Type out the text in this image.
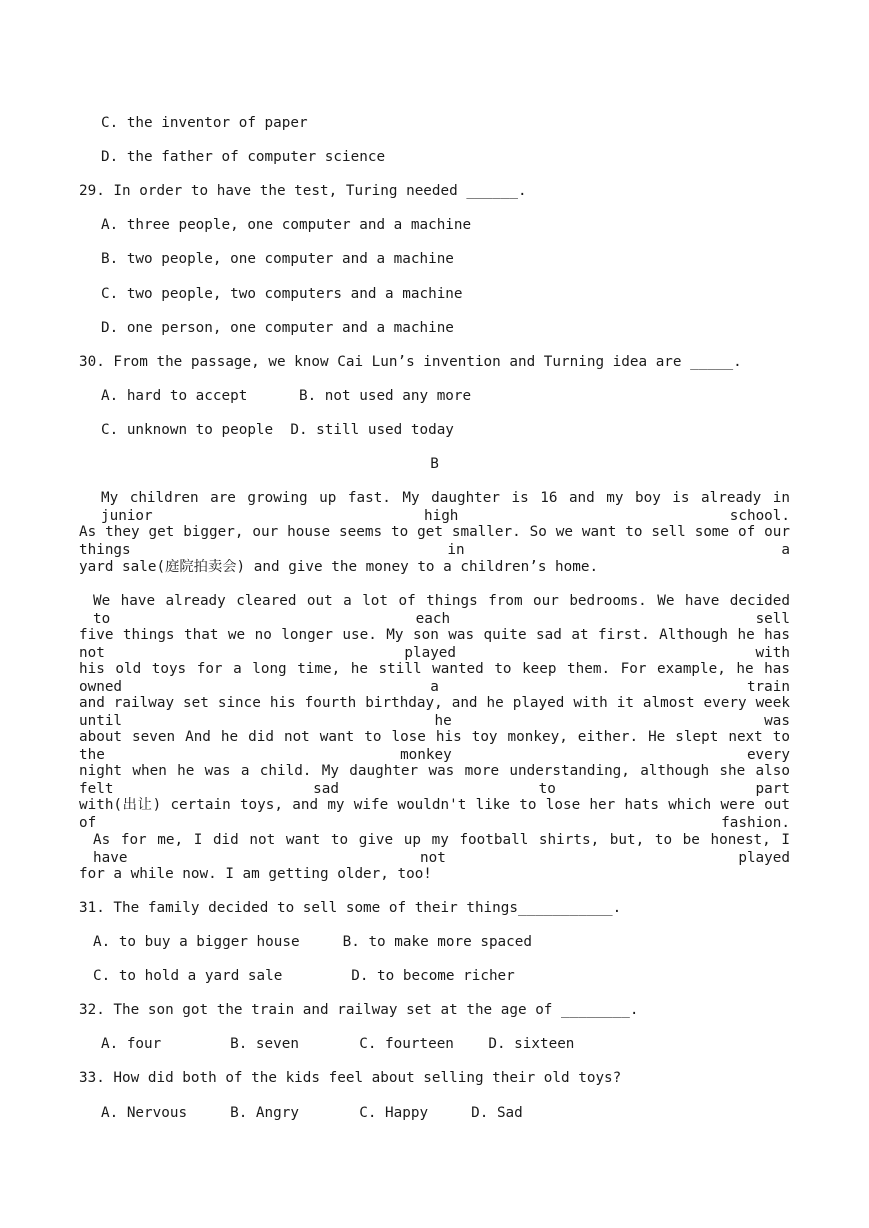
C. the inventor of paper
D. the father of computer science
29. In order to have the test, Turing needed ______.
A. three people, one computer and a machine
B. two people, one computer and a machine
C. two people, two computers and a machine
D. one person, one computer and a machine
30. From the passage, we know Cai Lun’s invention and Turning idea are _____.
A. hard to accept      B. not used any more
C. unknown to people  D. still used today
B
My children are growing up fast. My daughter is 16 and my boy is already in junior high school.
As they get bigger, our house seems to get smaller. So we want to sell some of our things in a
yard sale(庭院拍卖会) and give the money to a children’s home.
We have already cleared out a lot of things from our bedrooms. We have decided to each sell
five things that we no longer use. My son was quite sad at first. Although he has not played with
his old toys for a long time, he still wanted to keep them. For example, he has owned a train
and railway set since his fourth birthday, and he played with it almost every week until he was
about seven And he did not want to lose his toy monkey, either. He slept next to the monkey every
night when he was a child. My daughter was more understanding, although she also felt sad to part
with(出让) certain toys, and my wife wouldn't like to lose her hats which were out of fashion.
As for me, I did not want to give up my football shirts, but, to be honest, I have not played
for a while now. I am getting older, too!
31. The family decided to sell some of their things___________.
A. to buy a bigger house     B. to make more spaced
C. to hold a yard sale        D. to become richer
32. The son got the train and railway set at the age of ________.
A. four        B. seven       C. fourteen    D. sixteen
33. How did both of the kids feel about selling their old toys?
A. Nervous     B. Angry       C. Happy     D. Sad
